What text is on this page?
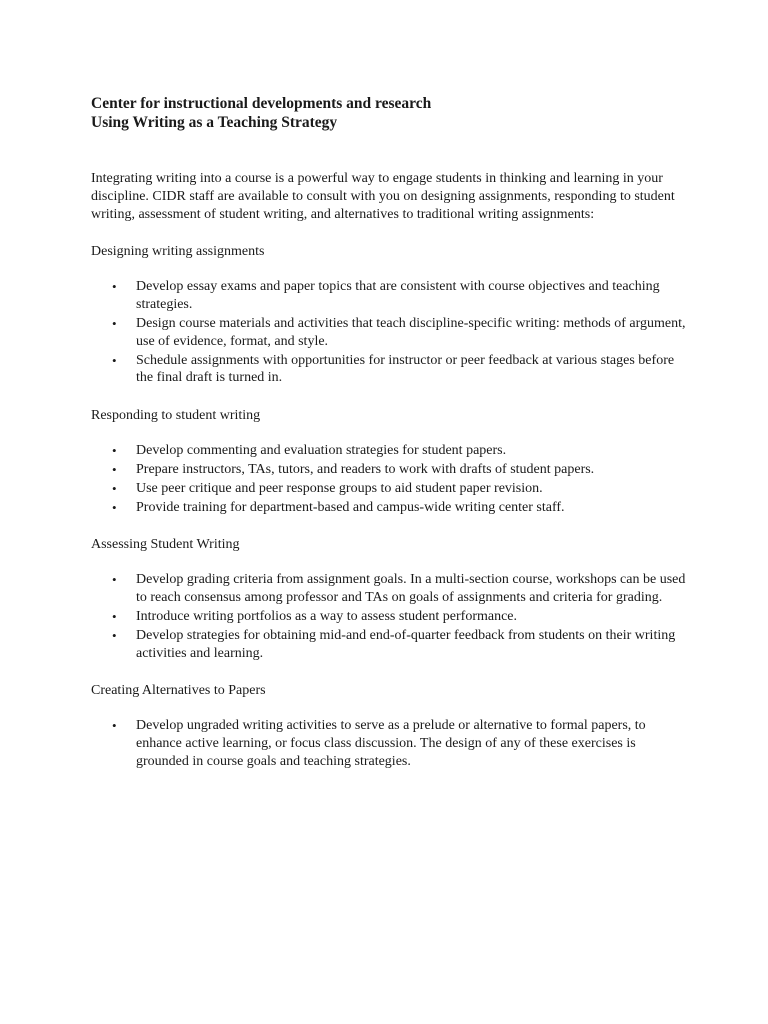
Center for instructional developments and research

Using Writing as a Teaching Strategy

Integrating writing into a course is a powerful way to engage students in thinking and learning in your discipline. CIDR staff are available to consult with you on designing assignments, responding to student writing, assessment of student writing, and alternatives to traditional writing assignments:

Designing writing assignments

• Develop essay exams and paper topics that are consistent with course objectives and teaching strategies.
• Design course materials and activities that teach discipline-specific writing: methods of argument, use of evidence, format, and style.
• Schedule assignments with opportunities for instructor or peer feedback at various stages before the final draft is turned in.

Responding to student writing

• Develop commenting and evaluation strategies for student papers.
• Prepare instructors, TAs, tutors, and readers to work with drafts of student papers.
• Use peer critique and peer response groups to aid student paper revision.
• Provide training for department-based and campus-wide writing center staff.

Assessing Student Writing

• Develop grading criteria from assignment goals. In a multi-section course, workshops can be used to reach consensus among professor and TAs on goals of assignments and criteria for grading.
• Introduce writing portfolios as a way to assess student performance.
• Develop strategies for obtaining mid-and end-of-quarter feedback from students on their writing activities and learning.

Creating Alternatives to Papers

• Develop ungraded writing activities to serve as a prelude or alternative to formal papers, to enhance active learning, or focus class discussion. The design of any of these exercises is grounded in course goals and teaching strategies.
